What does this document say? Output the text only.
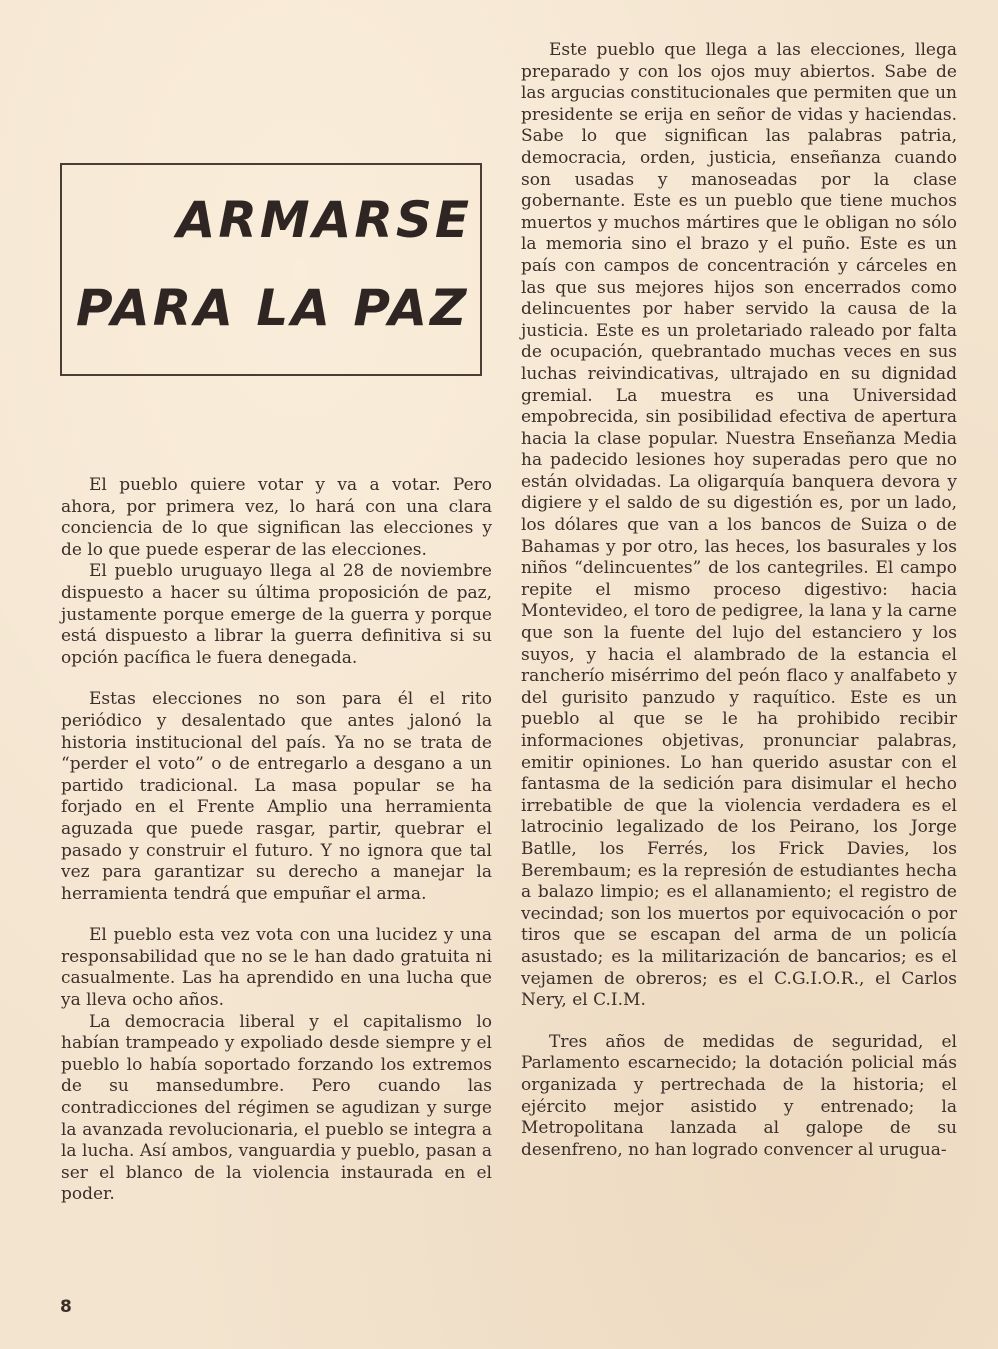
ARMARSE
PARA LA PAZ

El pueblo quiere votar y va a votar. Pero ahora, por primera vez, lo hará con una clara conciencia de lo que significan las elecciones y de lo que puede esperar de las elecciones.

El pueblo uruguayo llega al 28 de noviembre dispuesto a hacer su última proposición de paz, justamente porque emerge de la guerra y porque está dispuesto a librar la guerra definitiva si su opción pacífica le fuera denegada.

Estas elecciones no son para él el rito periódico y desalentado que antes jalonó la historia institucional del país. Ya no se trata de “perder el voto” o de entregarlo a desgano a un partido tradicional. La masa popular se ha forjado en el Frente Amplio una herramienta aguzada que puede rasgar, partir, quebrar el pasado y construir el futuro. Y no ignora que tal vez para garantizar su derecho a manejar la herramienta tendrá que empuñar el arma.

El pueblo esta vez vota con una lucidez y una responsabilidad que no se le han dado gratuita ni casualmente. Las ha aprendido en una lucha que ya lleva ocho años.

La democracia liberal y el capitalismo lo habían trampeado y expoliado desde siempre y el pueblo lo había soportado forzando los extremos de su mansedumbre. Pero cuando las contradicciones del régimen se agudizan y surge la avanzada revolucionaria, el pueblo se integra a la lucha. Así ambos, vanguardia y pueblo, pasan a ser el blanco de la violencia instaurada en el poder.

Este pueblo que llega a las elecciones, llega preparado y con los ojos muy abiertos. Sabe de las argucias constitucionales que permiten que un presidente se erija en señor de vidas y haciendas. Sabe lo que significan las palabras patria, democracia, orden, justicia, enseñanza cuando son usadas y manoseadas por la clase gobernante. Este es un pueblo que tiene muchos muertos y muchos mártires que le obligan no sólo la memoria sino el brazo y el puño. Este es un país con campos de concentración y cárceles en las que sus mejores hijos son encerrados como delincuentes por haber servido la causa de la justicia. Este es un proletariado raleado por falta de ocupación, quebrantado muchas veces en sus luchas reivindicativas, ultrajado en su dignidad gremial. La muestra es una Universidad empobrecida, sin posibilidad efectiva de apertura hacia la clase popular. Nuestra Enseñanza Media ha padecido lesiones hoy superadas pero que no están olvidadas. La oligarquía banquera devora y digiere y el saldo de su digestión es, por un lado, los dólares que van a los bancos de Suiza o de Bahamas y por otro, las heces, los basurales y los niños “delincuentes” de los cantegriles. El campo repite el mismo proceso digestivo: hacia Montevideo, el toro de pedigree, la lana y la carne que son la fuente del lujo del estanciero y los suyos, y hacia el alambrado de la estancia el rancherío misérrimo del peón flaco y analfabeto y del gurisito panzudo y raquítico. Este es un pueblo al que se le ha prohibido recibir informaciones objetivas, pronunciar palabras, emitir opiniones. Lo han querido asustar con el fantasma de la sedición para disimular el hecho irrebatible de que la violencia verdadera es el latrocinio legalizado de los Peirano, los Jorge Batlle, los Ferrés, los Frick Davies, los Berembaum; es la represión de estudiantes hecha a balazo limpio; es el allanamiento; el registro de vecindad; son los muertos por equivocación o por tiros que se escapan del arma de un policía asustado; es la militarización de bancarios; es el vejamen de obreros; es el C.G.I.O.R., el Carlos Nery, el C.I.M.

Tres años de medidas de seguridad, el Parlamento escarnecido; la dotación policial más organizada y pertrechada de la historia; el ejército mejor asistido y entrenado; la Metropolitana lanzada al galope de su desenfreno, no han logrado convencer al urugua-

8
